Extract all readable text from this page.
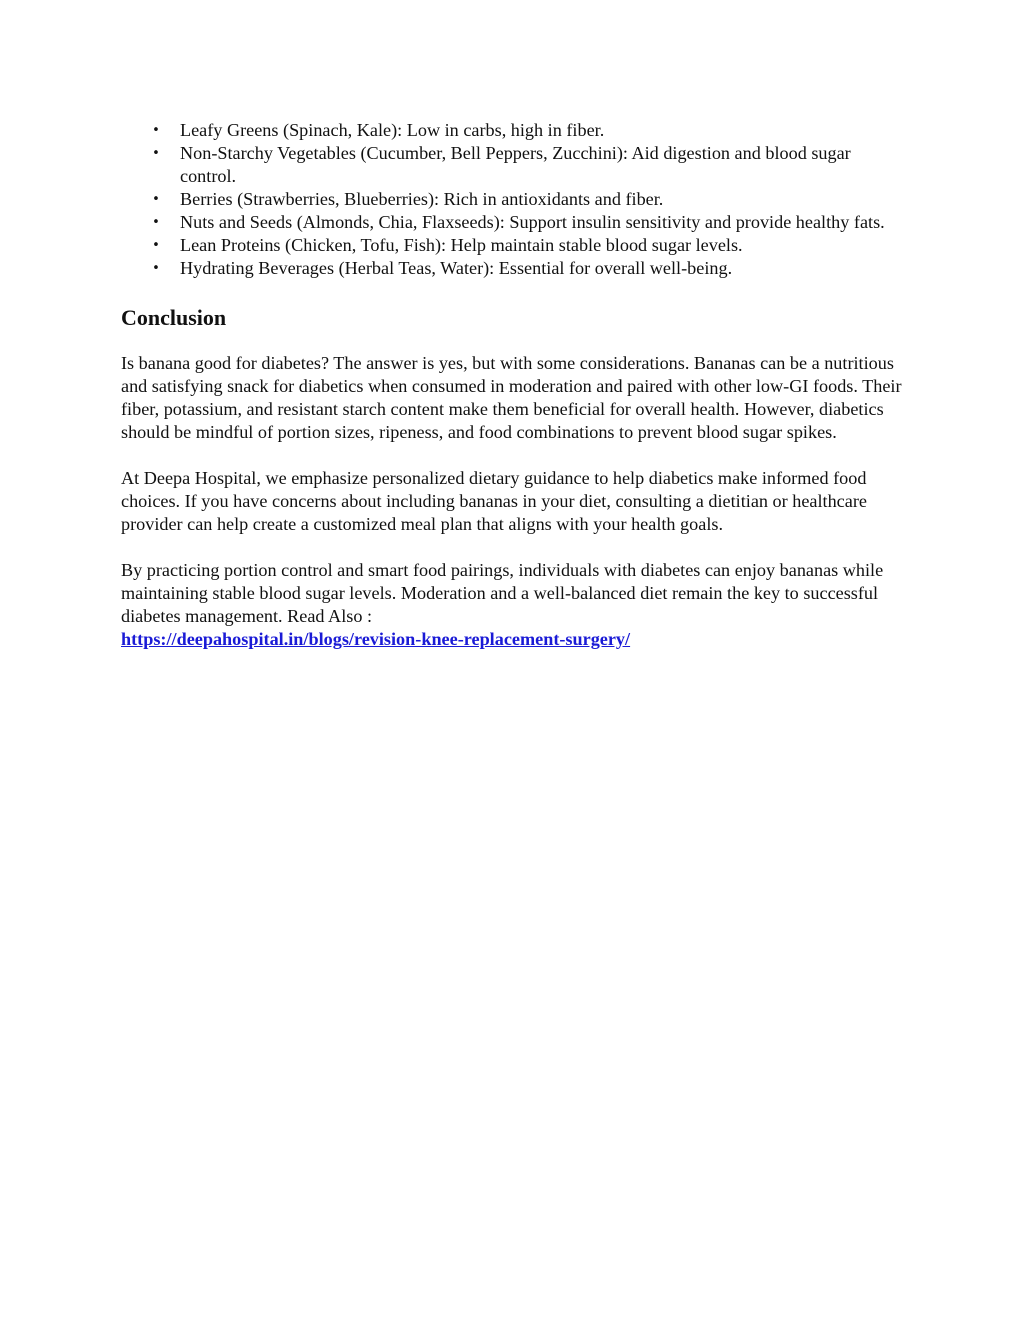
• Leafy Greens (Spinach, Kale): Low in carbs, high in fiber.
• Non-Starchy Vegetables (Cucumber, Bell Peppers, Zucchini): Aid digestion and blood sugar control.
• Berries (Strawberries, Blueberries): Rich in antioxidants and fiber.
• Nuts and Seeds (Almonds, Chia, Flaxseeds): Support insulin sensitivity and provide healthy fats.
• Lean Proteins (Chicken, Tofu, Fish): Help maintain stable blood sugar levels.
• Hydrating Beverages (Herbal Teas, Water): Essential for overall well-being.
Conclusion

Is banana good for diabetes? The answer is yes, but with some considerations. Bananas can be a nutritious and satisfying snack for diabetics when consumed in moderation and paired with other low-GI foods. Their fiber, potassium, and resistant starch content make them beneficial for overall health. However, diabetics should be mindful of portion sizes, ripeness, and food combinations to prevent blood sugar spikes.

At Deepa Hospital, we emphasize personalized dietary guidance to help diabetics make informed food choices. If you have concerns about including bananas in your diet, consulting a dietitian or healthcare provider can help create a customized meal plan that aligns with your health goals.

By practicing portion control and smart food pairings, individuals with diabetes can enjoy bananas while maintaining stable blood sugar levels. Moderation and a well-balanced diet remain the key to successful diabetes management. Read Also :
https://deepahospital.in/blogs/revision-knee-replacement-surgery/
